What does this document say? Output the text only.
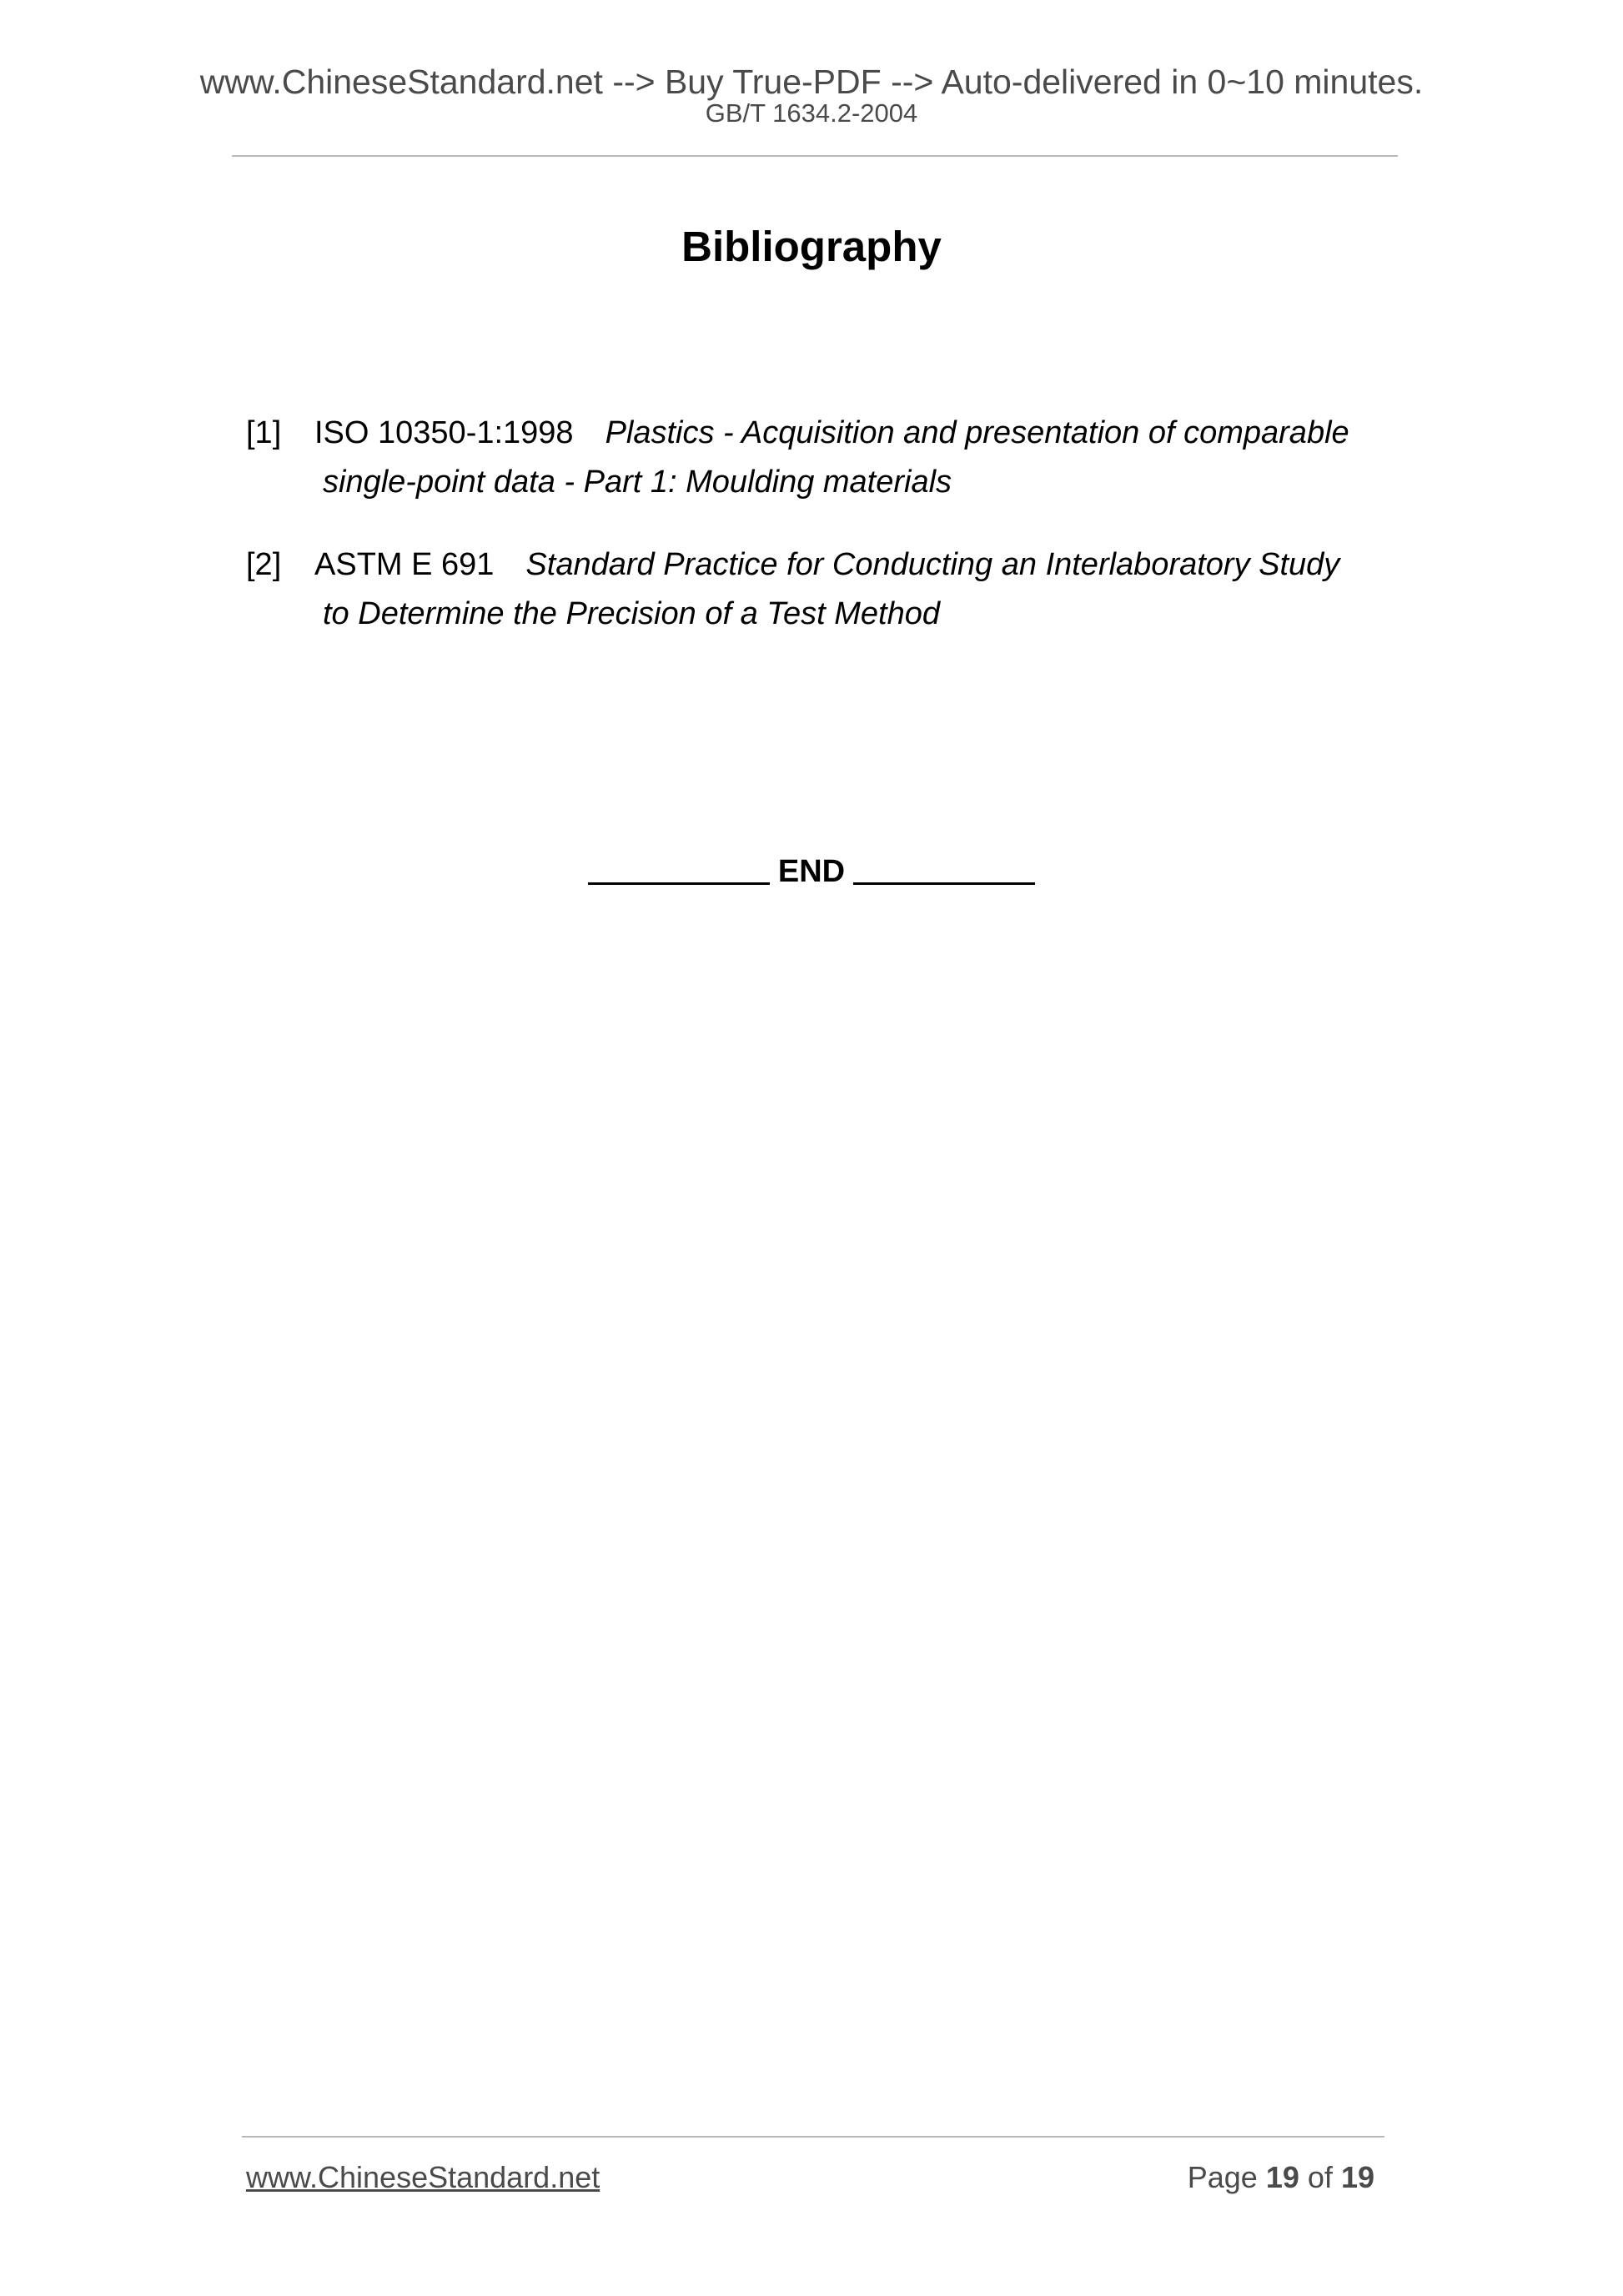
www.ChineseStandard.net --> Buy True-PDF --> Auto-delivered in 0~10 minutes.
GB/T 1634.2-2004
Bibliography
[1] ISO 10350-1:1998 Plastics - Acquisition and presentation of comparable
single-point data - Part 1: Moulding materials
[2] ASTM E 691 Standard Practice for Conducting an Interlaboratory Study
to Determine the Precision of a Test Method
END
www.ChineseStandard.net	Page 19 of 19
